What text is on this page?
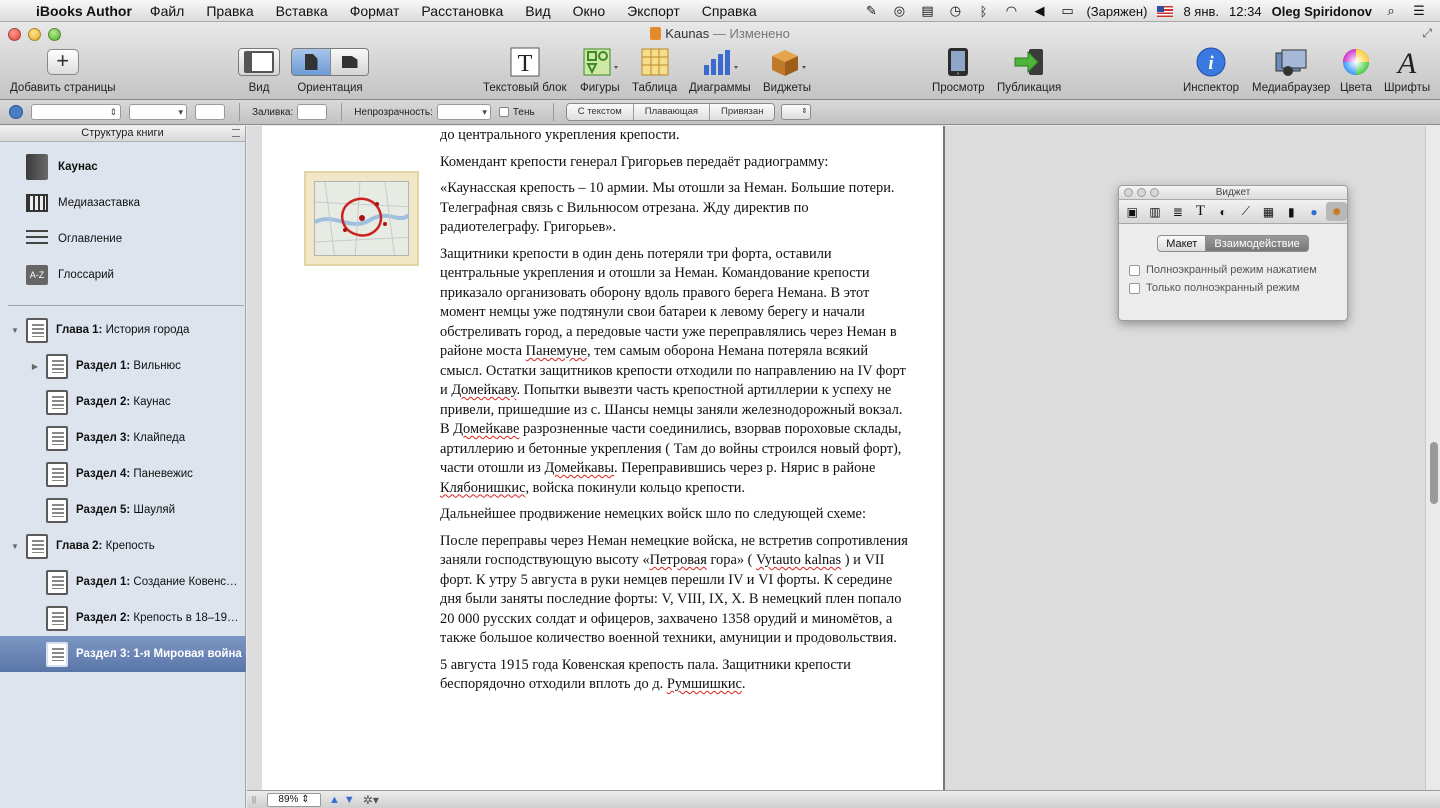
iBooks Author Файл Правка Вставка Формат Расстановка Вид Окно Экспорт Справка	✎ ◎ ▤ ◷	ᛒ	◠	◀	▭ (Заряжен)	8 янв. 12:34 Oleg Spiridonov	⌕	☰
Kaunas — Изменено	⤢
+
Добавить страницы	Вид Ориентация
T
Текстовый блок Фигуры Таблица Диаграммы Виджеты	Просмотр Публикация
i
Инспектор Медиабраузер Цвета
A
Шрифты
⇕	▾	Заливка:	Непрозрачность:	▾	Тень	С текстом	Плавающая	Привязан	⇕
Структура книги
Каунас
Медиазаставка
Оглавление
A-Z	Глоссарий
▼	Глава 1: История города
▶	Раздел 1: Вильнюс
Раздел 2: Каунас
Раздел 3: Клайпеда
Раздел 4: Паневежис
Раздел 5: Шауляй
▼	Глава 2: Крепость
Раздел 1: Создание Ковенс…
Раздел 2: Крепость в 18–19…
Раздел 3: 1-я Мировая война

до центрального укрепления крепости.

Комендант крепости генерал Григорьев передаёт радиограмму:

«Каунасская крепость – 10 армии. Мы отошли за Неман. Большие потери. Телеграфная связь с Вильнюсом отрезана. Жду директив по радиотелеграфу. Григорьев».

Защитники крепости в один день потеряли три форта, оставили центральные укрепления и отошли за Неман. Командование крепости приказало организовать оборону вдоль правого берега Немана. В этот момент немцы уже подтянули свои батареи к левому берегу и начали обстреливать город, а передовые части уже переправлялись через Неман в районе моста Панемуне, тем самым оборона Немана потеряла всякий смысл. Остатки защитников крепости отходили по направлению на IV форт и Домейкаву. Попытки вывезти часть крепостной артиллерии к успеху не привели, пришедшие из с. Шансы немцы заняли железнодорожный вокзал. В Домейкаве разрозненные части соединились, взорвав пороховые склады, артиллерию и бетонные укрепления ( Там до войны строился новый форт), части отошли из Домейкавы. Переправившись через р. Нярис в районе Клябонишкис, войска покинули кольцо крепости.

Дальнейшее продвижение немецких войск шло по следующей схеме:

После переправы через Неман немецкие войска, не встретив сопротивления заняли господствующую высоту «Петровая гора» ( Vytauto kalnas ) и VII форт. К утру 5 августа в руки немцев перешли IV и VI форты. К середине дня были заняты последние форты: V, VIII, IX, X. В немецкий плен попало 20 000 русских солдат и офицеров, захвачено 1358 орудий и миномётов, а также большое количество военной техники, амуниции и продовольствия.

5 августа 1915 года Ковенская крепость пала. Защитники крепости беспорядочно отходили вплоть до д. Румшишкис.

Виджет
▣ ▥	≣ T	◐	⟋	▦	▮	●	✹
Макет	Взаимодействие
Полноэкранный режим нажатием
Только полноэкранный режим
||	89% ⇕	▲ ▼ ✲▾
